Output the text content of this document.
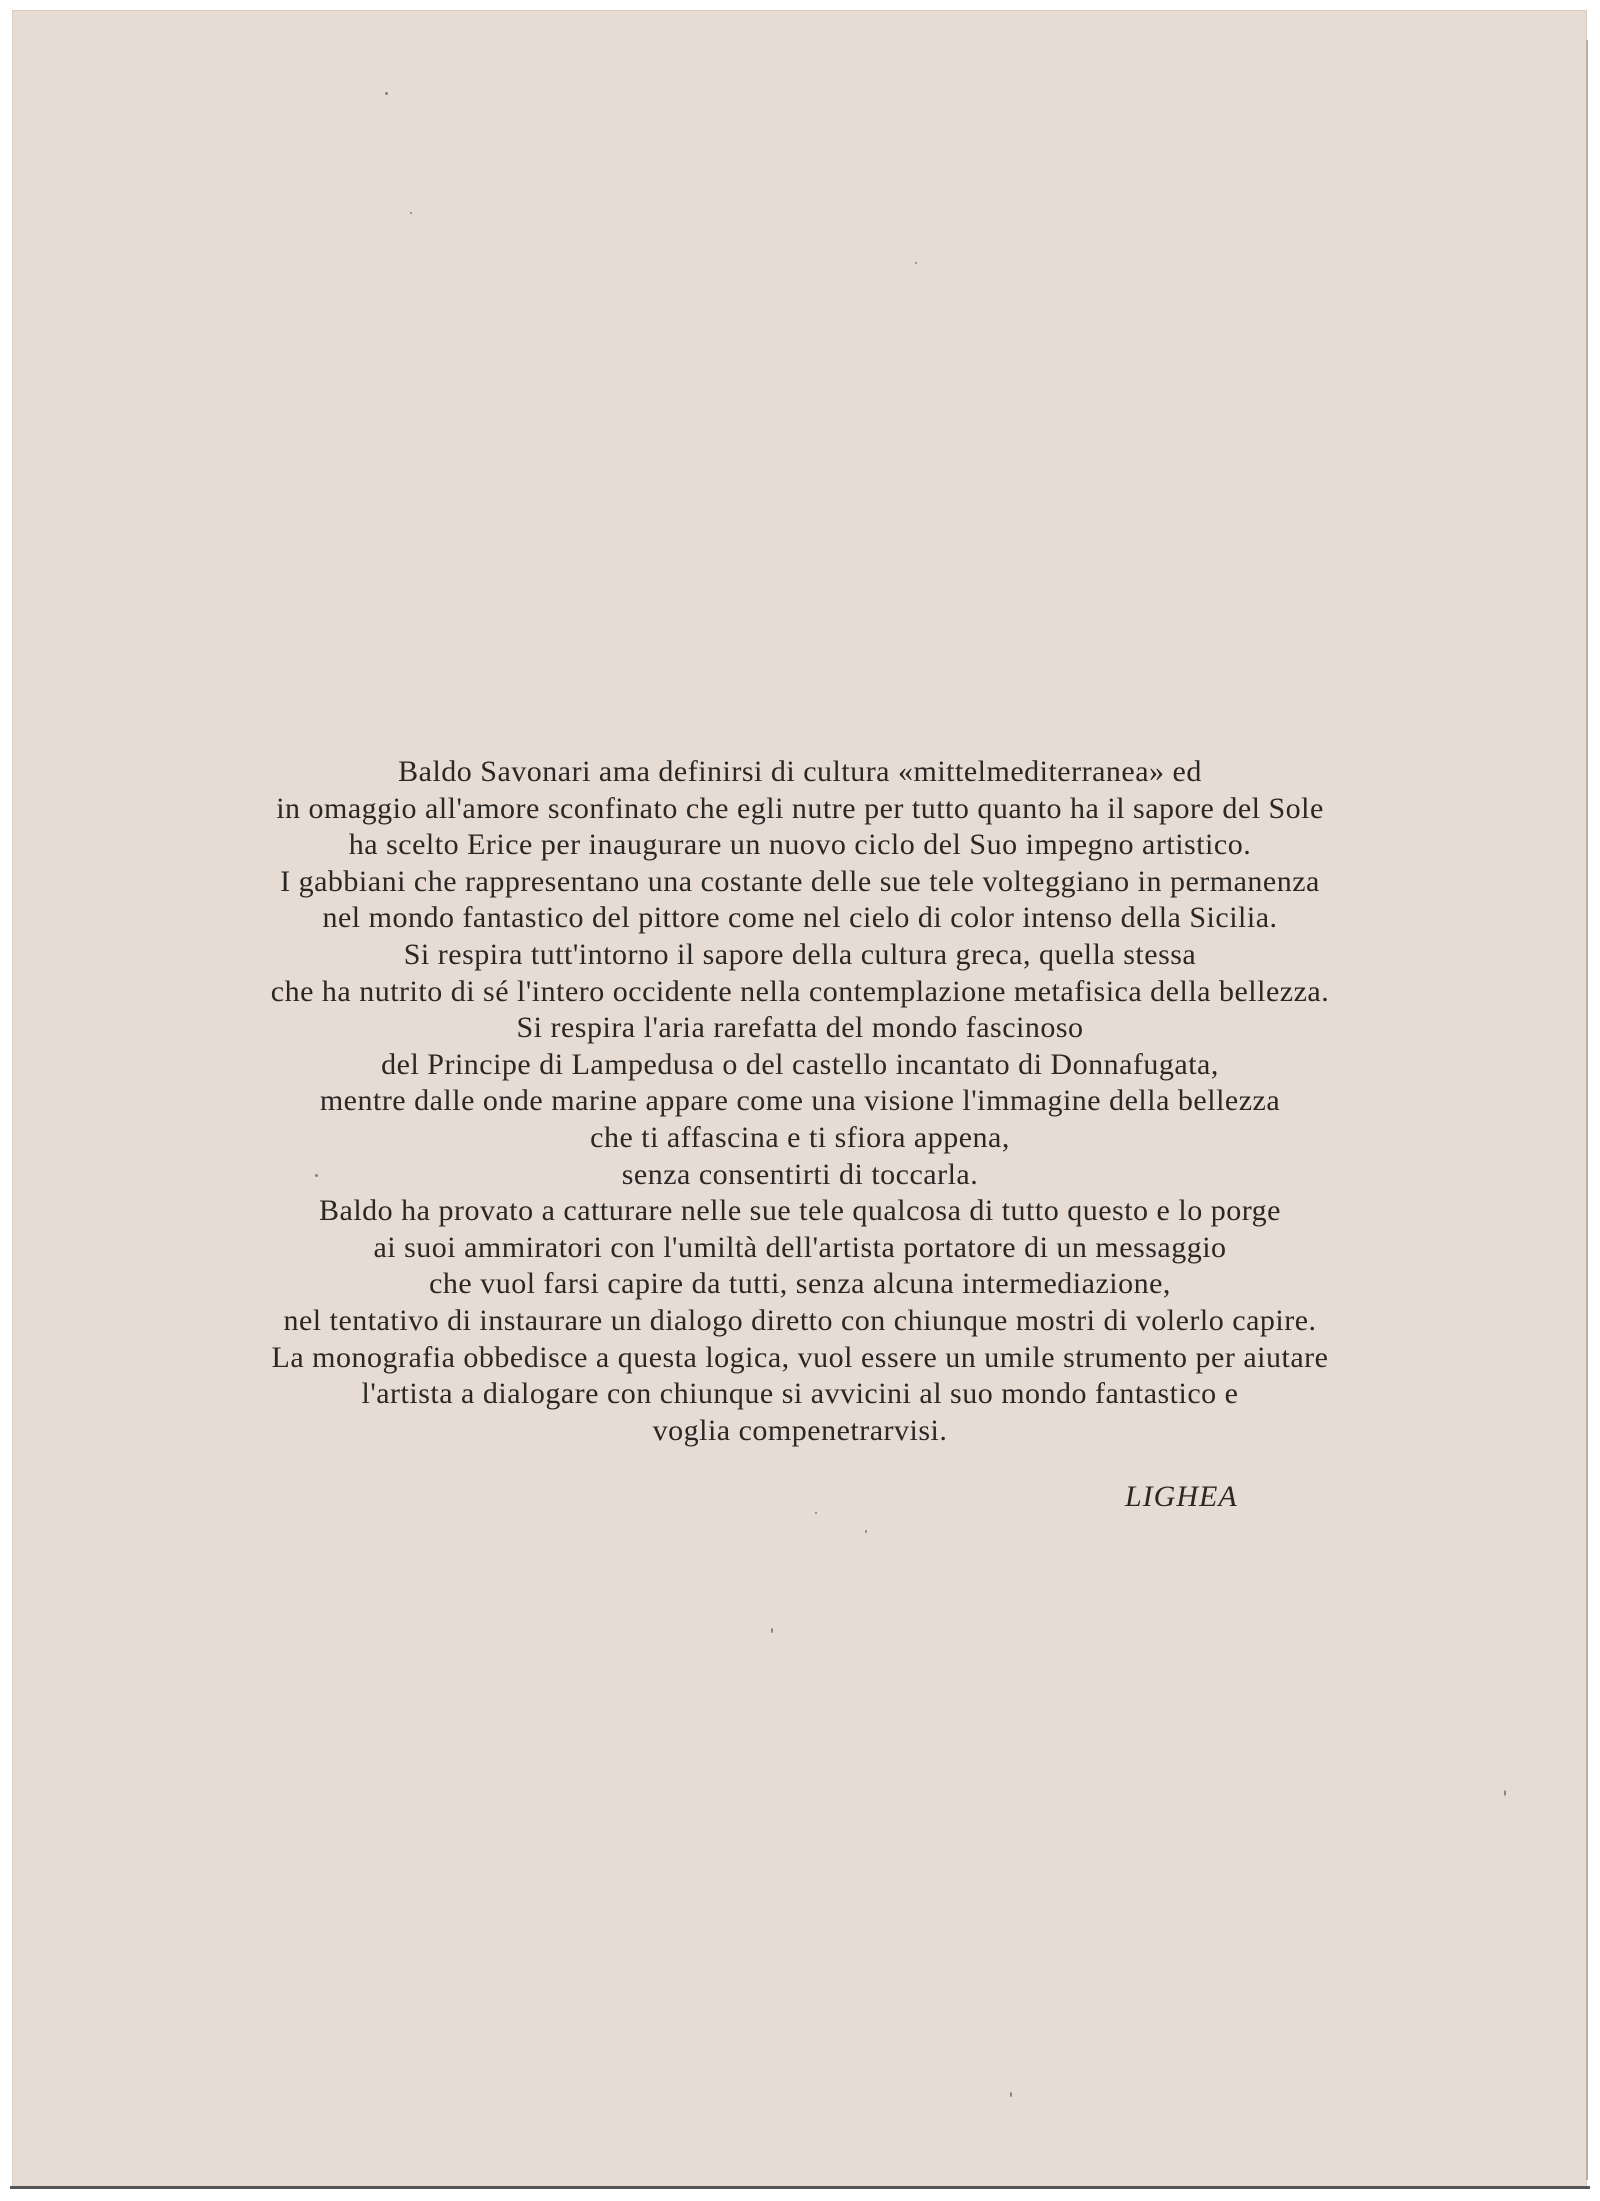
Baldo Savonari ama definirsi di cultura «mittelmediterranea» ed
in omaggio all'amore sconfinato che egli nutre per tutto quanto ha il sapore del Sole
ha scelto Erice per inaugurare un nuovo ciclo del Suo impegno artistico.
I gabbiani che rappresentano una costante delle sue tele volteggiano in permanenza
nel mondo fantastico del pittore come nel cielo di color intenso della Sicilia.
Si respira tutt'intorno il sapore della cultura greca, quella stessa
che ha nutrito di sé l'intero occidente nella contemplazione metafisica della bellezza.
Si respira l'aria rarefatta del mondo fascinoso
del Principe di Lampedusa o del castello incantato di Donnafugata,
mentre dalle onde marine appare come una visione l'immagine della bellezza
che ti affascina e ti sfiora appena,
senza consentirti di toccarla.
Baldo ha provato a catturare nelle sue tele qualcosa di tutto questo e lo porge
ai suoi ammiratori con l'umiltà dell'artista portatore di un messaggio
che vuol farsi capire da tutti, senza alcuna intermediazione,
nel tentativo di instaurare un dialogo diretto con chiunque mostri di volerlo capire.
La monografia obbedisce a questa logica, vuol essere un umile strumento per aiutare
l'artista a dialogare con chiunque si avvicini al suo mondo fantastico e
voglia compenetrarvisi.

LIGHEA
